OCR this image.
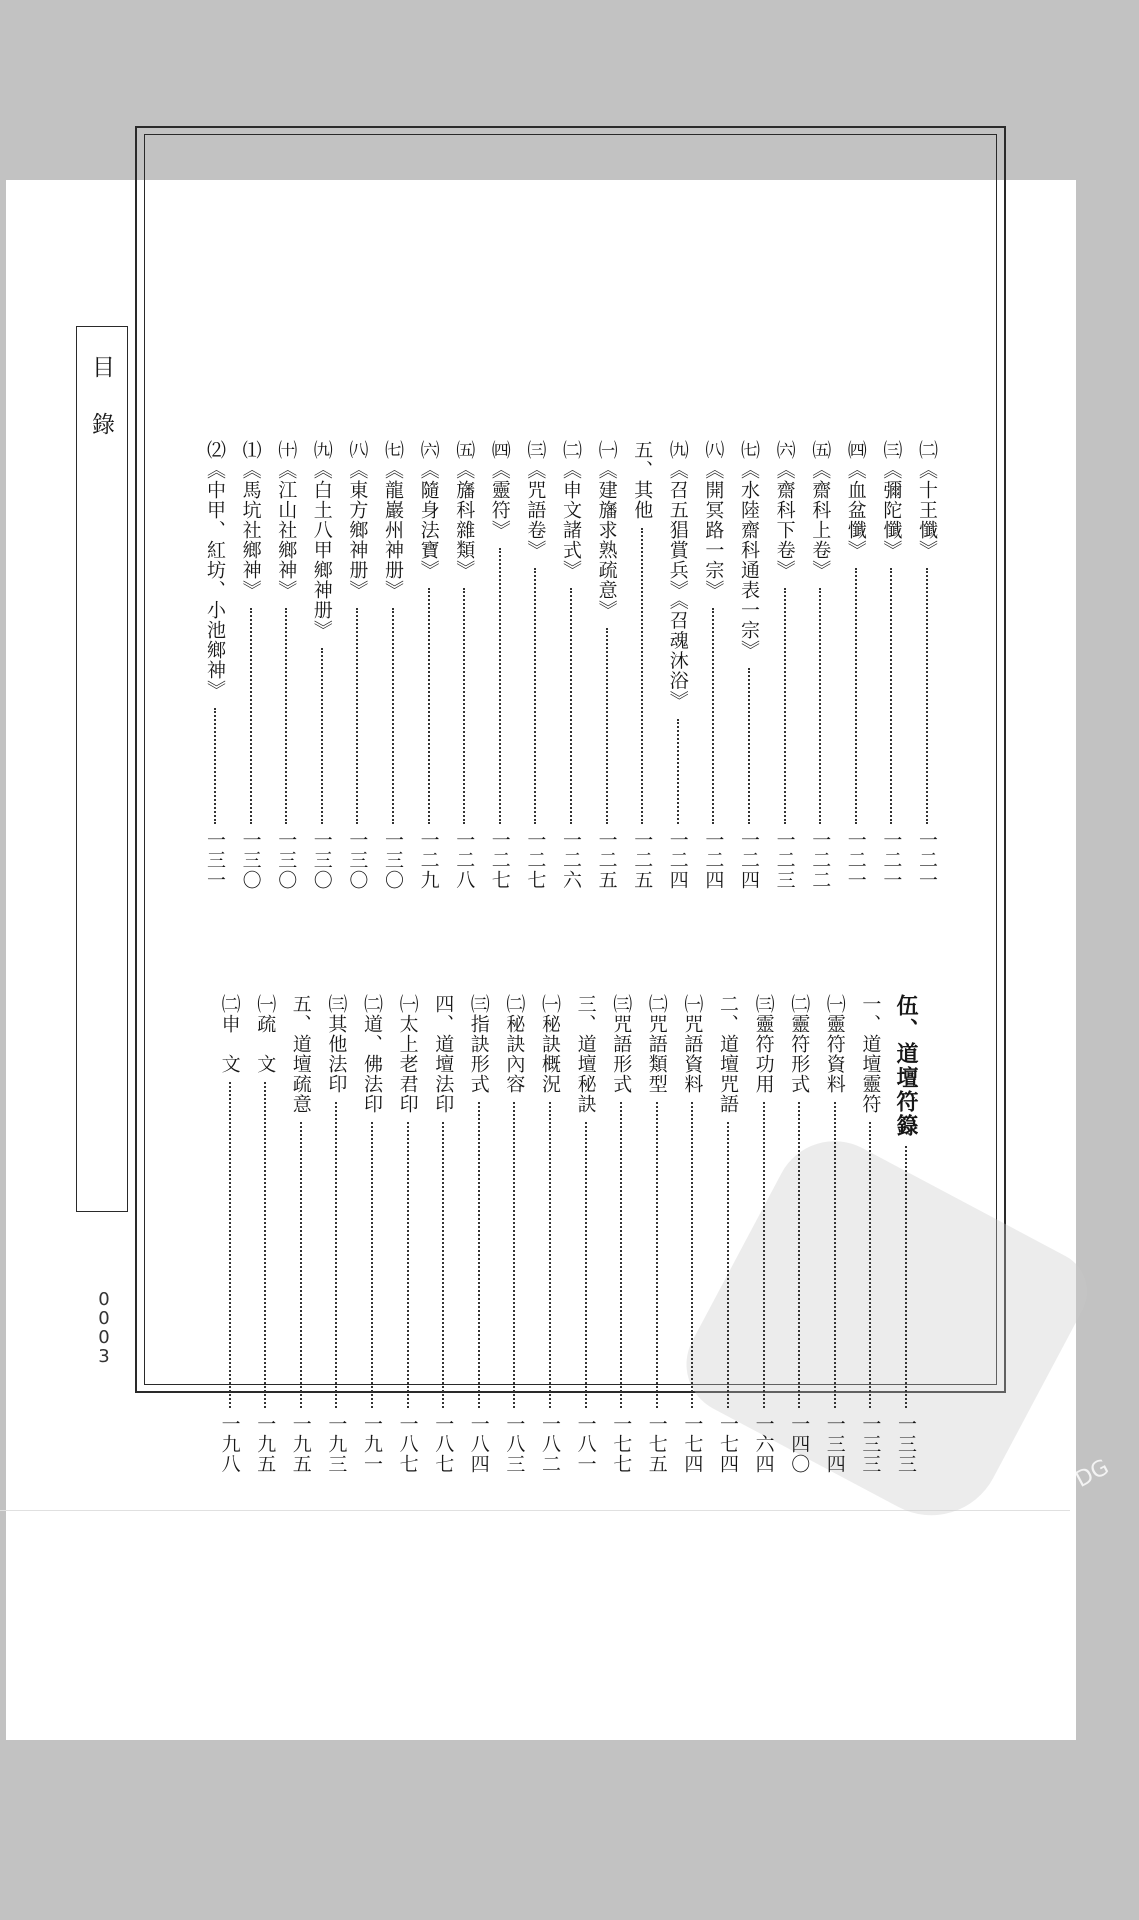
目錄
0003
DG
㈡《十王懺》
一二一
㈢《彌陀懺》
一二一
㈣《血盆懺》
一二一
㈤《齋科上卷》
一二二
㈥《齋科下卷》
一二三
㈦《水陸齋科通表一宗》
一二四
㈧《開冥路一宗》
一二四
㈨《召五猖賞兵》《召魂沐浴》
一二四
五、其他
一二五
㈠《建旛求熟疏意》
一二五
㈡《申文諸式》
一二六
㈢《咒語卷》
一二七
㈣《靈符》
一二七
㈤《旛科雜類》
一二八
㈥《隨身法寶》
一二九
㈦《龍巖州神册》
一三〇
㈧《東方鄉神册》
一三〇
㈨《白土八甲鄉神册》
一三〇
㈩《江山社鄉神》
一三〇
⑴《馬坑社鄉神》
一三〇
⑵《中甲、紅坊、小池鄉神》
一三一
伍、道壇符籙
一三三
一、道壇靈符
一三三
㈠靈符資料
一三四
㈡靈符形式
一四〇
㈢靈符功用
一六四
二、道壇咒語
一七四
㈠咒語資料
一七四
㈡咒語類型
一七五
㈢咒語形式
一七七
三、道壇秘訣
一八一
㈠秘訣概況
一八二
㈡秘訣內容
一八三
㈢指訣形式
一八四
四、道壇法印
一八七
㈠太上老君印
一八七
㈡道、佛法印
一九一
㈢其他法印
一九三
五、道壇疏意
一九五
㈠疏　文
一九五
㈡申　文
一九八
